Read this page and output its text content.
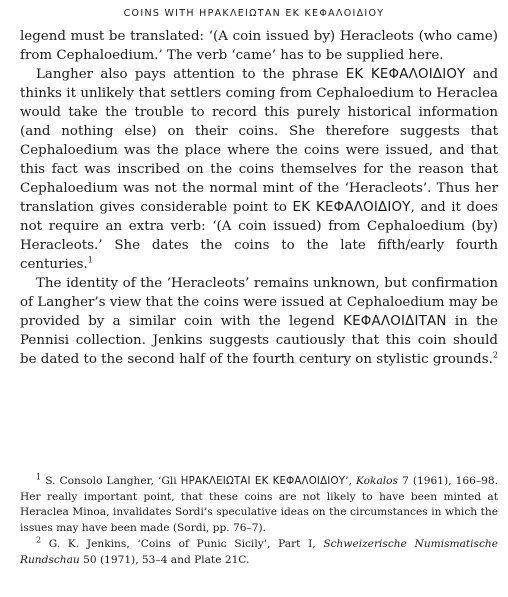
COINS WITH ΗΡΑΚΛΕΙΩΤΑΝ ΕΚ ΚΕΦΑΛΟΙΔΙΟΥ

legend must be translated: ‘(A coin issued by) Heracleots (who came) from Cephaloedium.’ The verb ‘came’ has to be supplied here.

Langher also pays attention to the phrase ΕΚ ΚΕΦΑΛΟΙΔΙΟΥ and thinks it unlikely that settlers coming from Cephaloedium to Heraclea would take the trouble to record this purely historical information (and nothing else) on their coins. She therefore suggests that Cephaloedium was the place where the coins were issued, and that this fact was inscribed on the coins themselves for the reason that Cephaloedium was not the normal mint of the ‘Heracleots’. Thus her translation gives considerable point to ΕΚ ΚΕΦΑΛΟΙΔΙΟΥ, and it does not require an extra verb: ‘(A coin issued) from Cephaloedium (by) Heracleots.’ She dates the coins to the late fifth/early fourth centuries.$^1$

The identity of the ‘Heracleots’ remains unknown, but confirmation of Langher’s view that the coins were issued at Cephaloedium may be provided by a similar coin with the legend ΚΕΦΑΛΟΙΔΙΤΑΝ in the Pennisi collection. Jenkins suggests cautiously that this coin should be dated to the second half of the fourth century on stylistic grounds.$^2$

$^1$ S. Consolo Langher, ‘Gli ΗΡΑΚΛΕΙΩΤΑΙ ΕΚ ΚΕΦΑΛΟΙΔΙΟΥ’, Kokalos 7 (1961), 166–98. Her really important point, that these coins are not likely to have been minted at Heraclea Minoa, invalidates Sordi’s speculative ideas on the circumstances in which the issues may have been made (Sordi, pp. 76–7).

$^2$ G. K. Jenkins, ‘Coins of Punic Sicily’, Part I, Schweizerische Numismatische Rundschau 50 (1971), 53–4 and Plate 21C.
